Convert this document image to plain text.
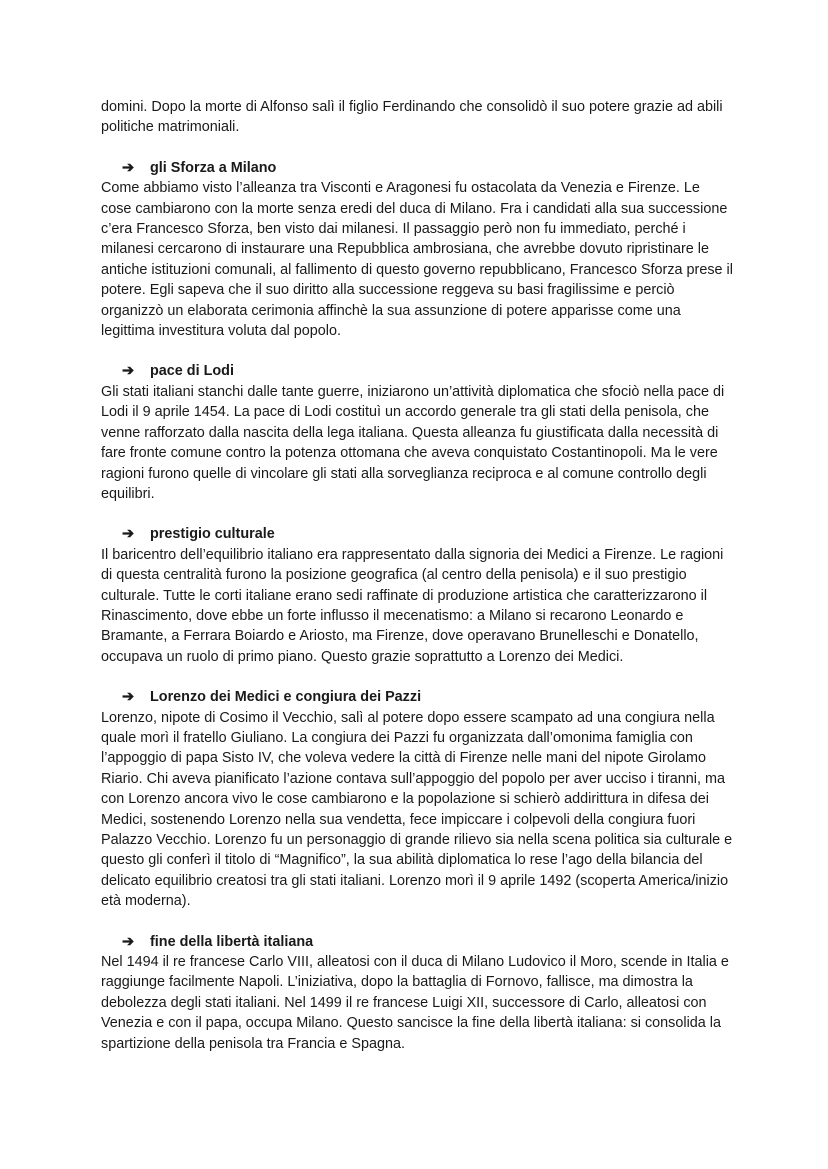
domini. Dopo la morte di Alfonso salì il figlio Ferdinando che consolidò il suo potere grazie ad abili politiche matrimoniali.

➔	gli Sforza a Milano

Come abbiamo visto l’alleanza tra Visconti e Aragonesi fu ostacolata da Venezia e Firenze. Le cose cambiarono con la morte senza eredi del duca di Milano. Fra i candidati alla sua successione c’era Francesco Sforza, ben visto dai milanesi. Il passaggio però non fu immediato, perché i milanesi cercarono di instaurare una Repubblica ambrosiana, che avrebbe dovuto ripristinare le antiche istituzioni comunali, al fallimento di questo governo repubblicano, Francesco Sforza prese il potere. Egli sapeva che il suo diritto alla successione reggeva su basi fragilissime e perciò organizzò un elaborata cerimonia affinchè la sua assunzione di potere apparisse come una legittima investitura voluta dal popolo.

➔	pace di Lodi

Gli stati italiani stanchi dalle tante guerre, iniziarono un’attività diplomatica che sfociò nella pace di Lodi il 9 aprile 1454. La pace di Lodi costituì un accordo generale tra gli stati della penisola, che venne rafforzato dalla nascita della lega italiana. Questa alleanza fu giustificata dalla necessità di fare fronte comune contro la potenza ottomana che aveva conquistato Costantinopoli. Ma le vere ragioni furono quelle di vincolare gli stati alla sorveglianza reciproca e al comune controllo degli equilibri.

➔	prestigio culturale

Il baricentro dell’equilibrio italiano era rappresentato dalla signoria dei Medici a Firenze. Le ragioni di questa centralità furono la posizione geografica (al centro della penisola) e il suo prestigio culturale. Tutte le corti italiane erano sedi raffinate di produzione artistica che caratterizzarono il Rinascimento, dove ebbe un forte influsso il mecenatismo: a Milano si recarono Leonardo e Bramante, a Ferrara Boiardo e Ariosto, ma Firenze, dove operavano Brunelleschi e Donatello, occupava un ruolo di primo piano. Questo grazie soprattutto a Lorenzo dei Medici.

➔	Lorenzo dei Medici e congiura dei Pazzi

Lorenzo, nipote di Cosimo il Vecchio, salì al potere dopo essere scampato ad una congiura nella quale morì il fratello Giuliano. La congiura dei Pazzi fu organizzata dall’omonima famiglia con l’appoggio di papa Sisto IV, che voleva vedere la città di Firenze nelle mani del nipote Girolamo Riario. Chi aveva pianificato l’azione contava sull’appoggio del popolo per aver ucciso i tiranni, ma con Lorenzo ancora vivo le cose cambiarono e la popolazione si schierò addirittura in difesa dei Medici, sostenendo Lorenzo nella sua vendetta, fece impiccare i colpevoli della congiura fuori Palazzo Vecchio. Lorenzo fu un personaggio di grande rilievo sia nella scena politica sia culturale e questo gli conferì il titolo di “Magnifico”, la sua abilità diplomatica lo rese l’ago della bilancia del delicato equilibrio creatosi tra gli stati italiani. Lorenzo morì il 9 aprile 1492 (scoperta America/inizio età moderna).

➔	fine della libertà italiana

Nel 1494 il re francese Carlo VIII, alleatosi con il duca di Milano Ludovico il Moro, scende in Italia e raggiunge facilmente Napoli. L’iniziativa, dopo la battaglia di Fornovo, fallisce, ma dimostra la debolezza degli stati italiani. Nel 1499 il re francese Luigi XII, successore di Carlo, alleatosi con Venezia e con il papa, occupa Milano. Questo sancisce la fine della libertà italiana: si consolida la spartizione della penisola tra Francia e Spagna.
